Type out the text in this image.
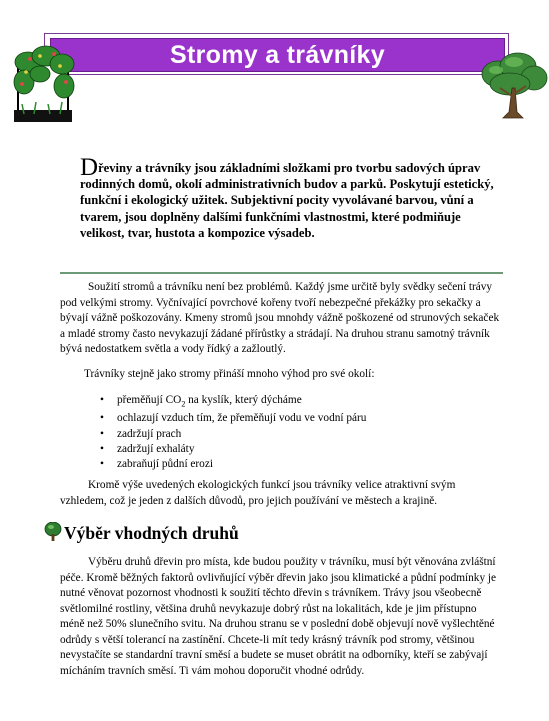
Stromy a trávníky
Dřeviny a trávníky jsou základními složkami pro tvorbu sadových úprav rodinných domů, okolí administrativních budov a parků. Poskytují estetický, funkční i ekologický užitek. Subjektivní pocity vyvolávané barvou, vůní a tvarem, jsou doplněny dalšími funkčními vlastnostmi, které podmiňuje velikost, tvar, hustota a kompozice výsadeb.
Soužití stromů a trávníku není bez problémů. Každý jsme určitě byly svědky sečení trávy pod velkými stromy. Vyčnívající povrchové kořeny tvoří nebezpečné překážky pro sekačky a bývají vážně poškozovány. Kmeny stromů jsou mnohdy vážně poškozené od strunových sekaček a mladé stromy často nevykazují žádané přírůstky a strádají. Na druhou stranu samotný trávník bývá nedostatkem světla a vody řídký a zažloutlý.
Trávníky stejně jako stromy přináší mnoho výhod pro své okolí:
• přeměňují $CO_2$ na kyslík, který dýcháme
• ochlazují vzduch tím, že přeměňují vodu ve vodní páru
• zadržují prach
• zadržují exhaláty
• zabraňují půdní erozi
Kromě výše uvedených ekologických funkcí jsou trávníky velice atraktivní svým vzhledem, což je jeden z dalších důvodů, pro jejich používání ve městech a krajině.
Výběr vhodných druhů
Výběru druhů dřevin pro místa, kde budou použity v trávníku, musí být věnována zvláštní péče. Kromě běžných faktorů ovlivňující výběr dřevin jako jsou klimatické a půdní podmínky je nutné věnovat pozornost vhodnosti k soužití těchto dřevin s trávníkem. Trávy jsou všeobecně světlomilné rostliny, většina druhů nevykazuje dobrý růst na lokalitách, kde je jim přístupno méně než 50% slunečního svitu. Na druhou stranu se v poslední době objevují nově vyšlechtěné odrůdy s větší tolerancí na zastínění. Chcete-li mít tedy krásný trávník pod stromy, většinou nevystačíte se standardní travní směsí a budete se muset obrátit na odborníky, kteří se zabývají mícháním travních směsí. Ti vám mohou doporučit vhodné odrůdy.
